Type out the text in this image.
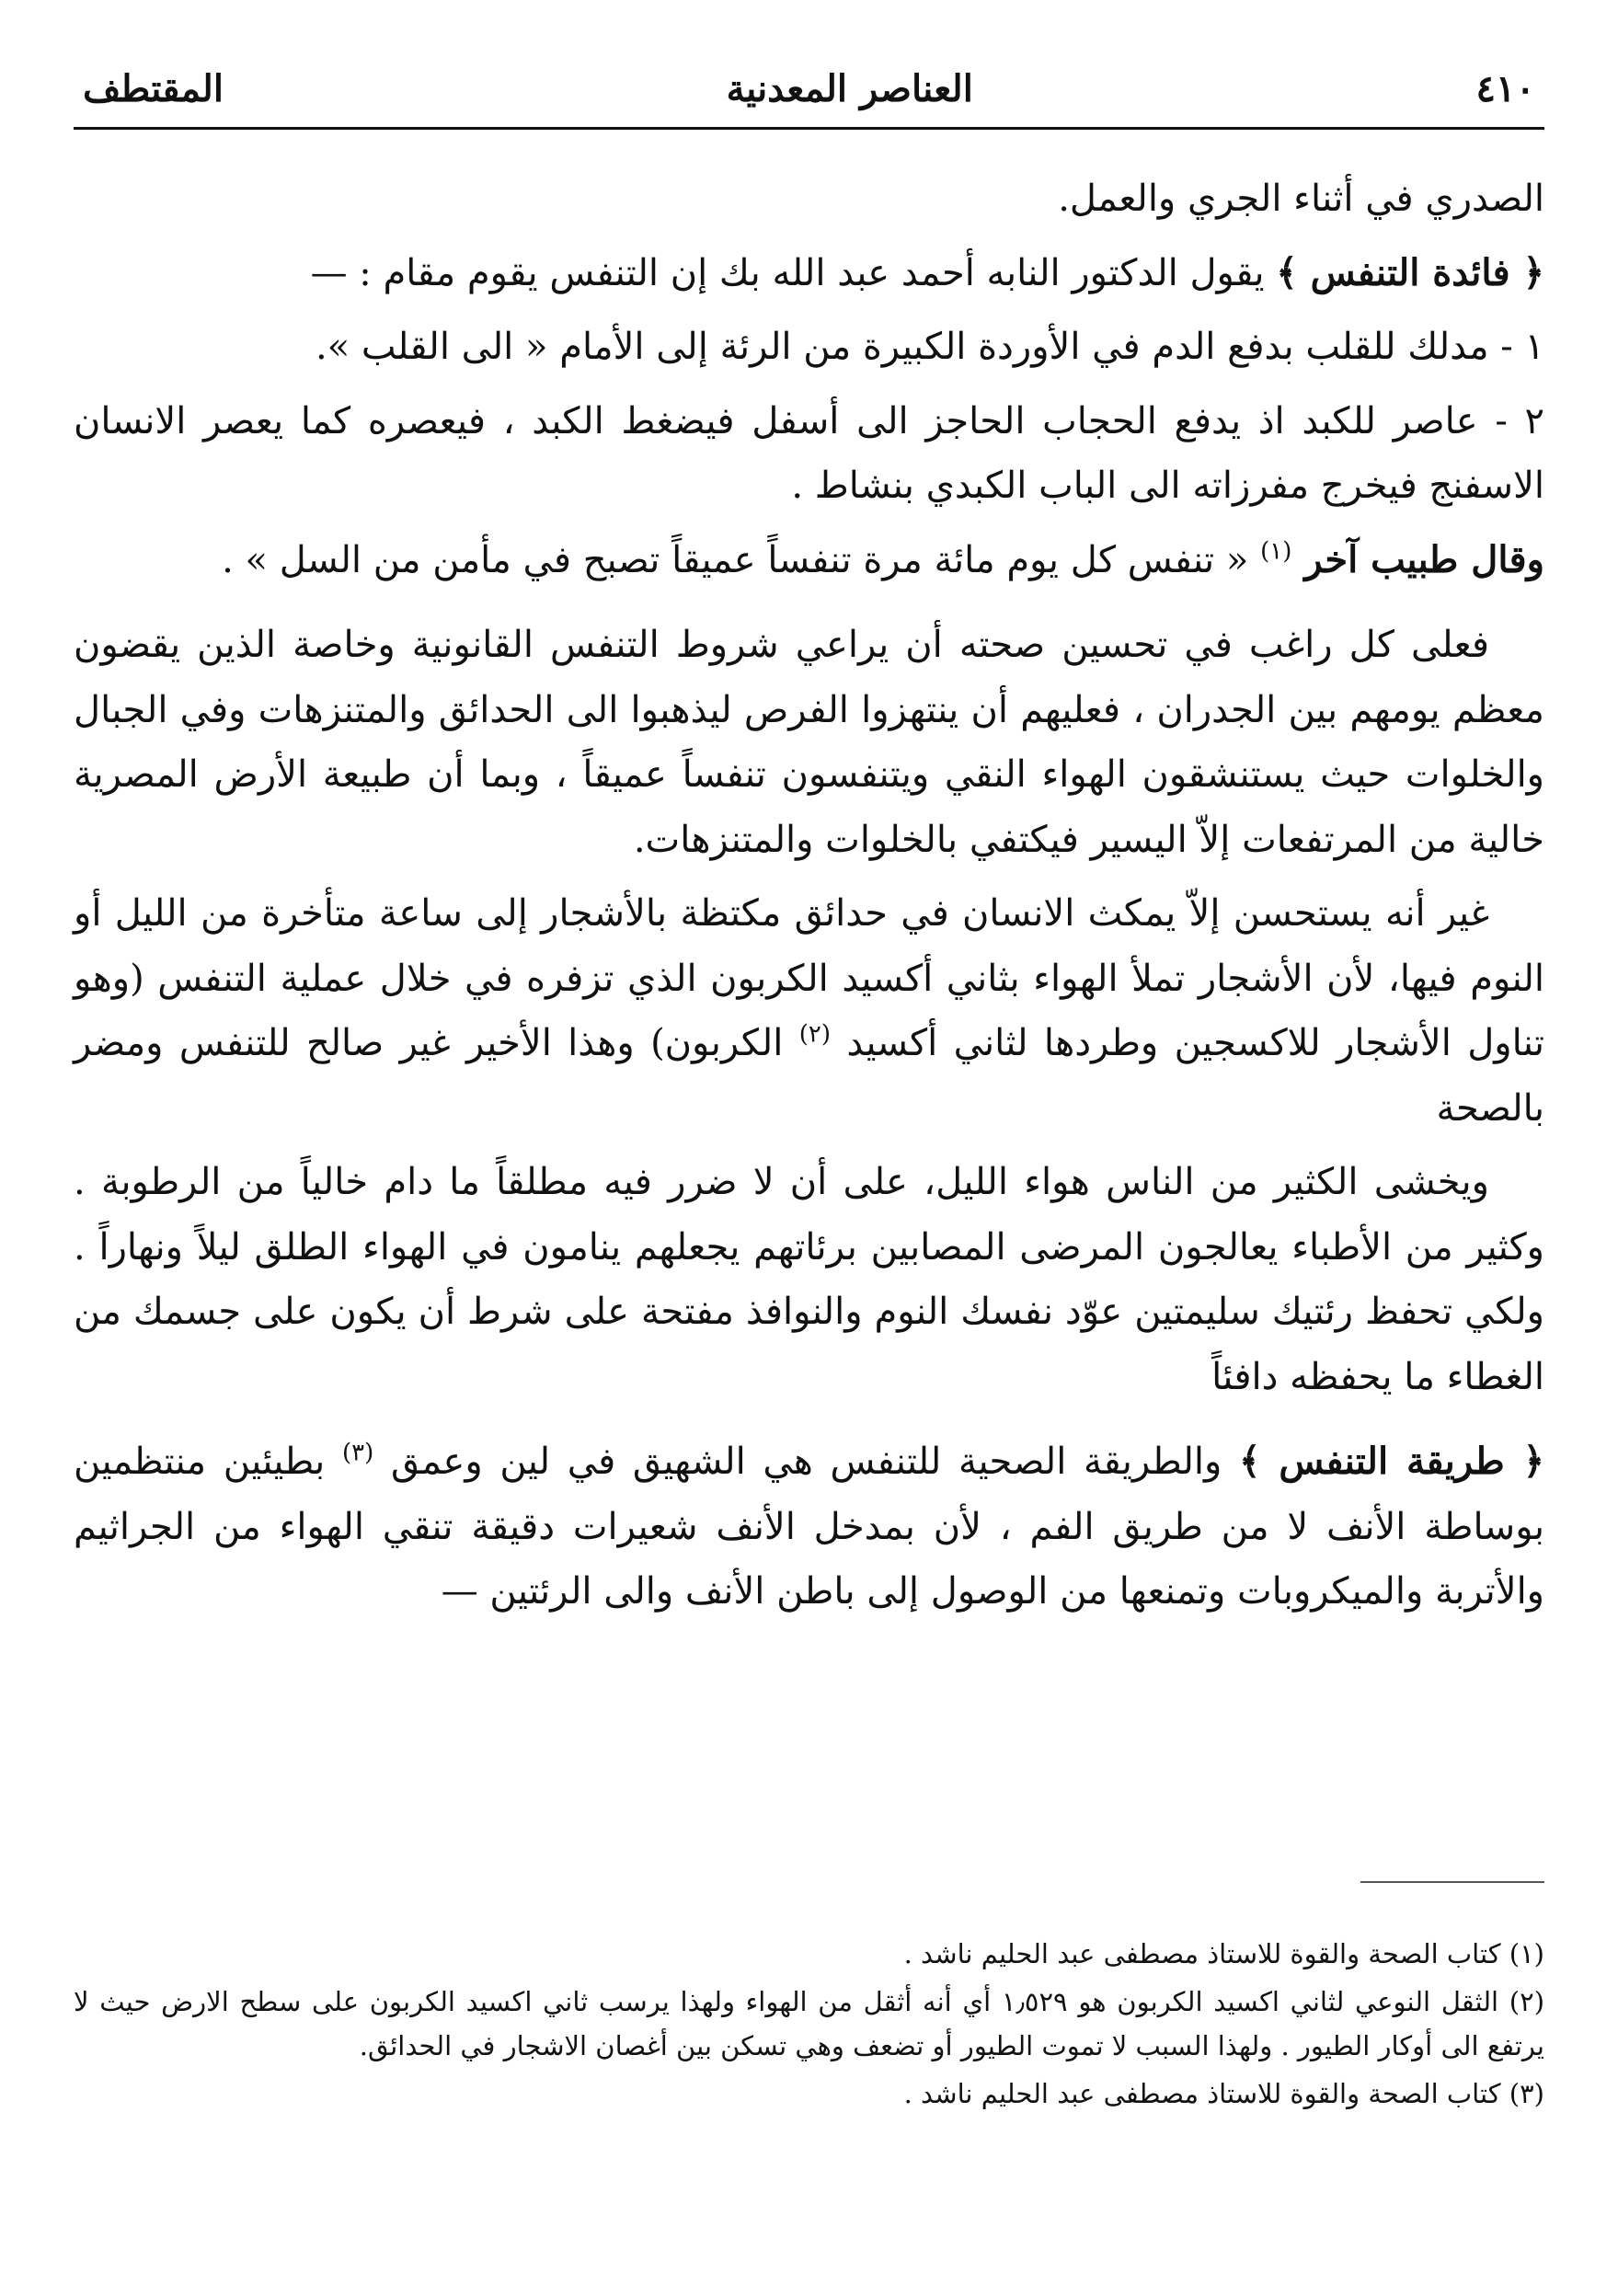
٤١٠
العناصر المعدنية
المقتطف

الصدري في أثناء الجري والعمل.

﴿ فائدة التنفس ﴾ يقول الدكتور النابه أحمد عبد الله بك إن التنفس يقوم مقام : —

١ - مدلك للقلب بدفع الدم في الأوردة الكبيرة من الرئة إلى الأمام « الى القلب ».

٢ - عاصر للكبد اذ يدفع الحجاب الحاجز الى أسفل فيضغط الكبد ، فيعصره كما يعصر الانسان الاسفنج فيخرج مفرزاته الى الباب الكبدي بنشاط .

وقال طبيب آخر $^{(١)}$ « تنفس كل يوم مائة مرة تنفساً عميقاً تصبح في مأمن من السل » .

فعلى كل راغب في تحسين صحته أن يراعي شروط التنفس القانونية وخاصة الذين يقضون معظم يومهم بين الجدران ، فعليهم أن ينتهزوا الفرص ليذهبوا الى الحدائق والمتنزهات وفي الجبال والخلوات حيث يستنشقون الهواء النقي ويتنفسون تنفساً عميقاً ، وبما أن طبيعة الأرض المصرية خالية من المرتفعات إلاّ اليسير فيكتفي بالخلوات والمتنزهات.

غير أنه يستحسن إلاّ يمكث الانسان في حدائق مكتظة بالأشجار إلى ساعة متأخرة من الليل أو النوم فيها، لأن الأشجار تملأ الهواء بثاني أكسيد الكربون الذي تزفره في خلال عملية التنفس (وهو تناول الأشجار للاكسجين وطردها لثاني أكسيد $^{(٢)}$ الكربون) وهذا الأخير غير صالح للتنفس ومضر بالصحة

ويخشى الكثير من الناس هواء الليل، على أن لا ضرر فيه مطلقاً ما دام خالياً من الرطوبة . وكثير من الأطباء يعالجون المرضى المصابين برئاتهم يجعلهم ينامون في الهواء الطلق ليلاً ونهاراً . ولكي تحفظ رئتيك سليمتين عوّد نفسك النوم والنوافذ مفتحة على شرط أن يكون على جسمك من الغطاء ما يحفظه دافئاً

﴿ طريقة التنفس ﴾ والطريقة الصحية للتنفس هي الشهيق في لين وعمق $^{(٣)}$ بطيئين منتظمين بوساطة الأنف لا من طريق الفم ، لأن بمدخل الأنف شعيرات دقيقة تنقي الهواء من الجراثيم والأتربة والميكروبات وتمنعها من الوصول إلى باطن الأنف والى الرئتين —

(١) كتاب الصحة والقوة للاستاذ مصطفى عبد الحليم ناشد .

(٢) الثقل النوعي لثاني اكسيد الكربون هو ١٫٥٢٩ أي أنه أثقل من الهواء ولهذا يرسب ثاني اكسيد الكربون على سطح الارض حيث لا يرتفع الى أوكار الطيور . ولهذا السبب لا تموت الطيور أو تضعف وهي تسكن بين أغصان الاشجار في الحدائق.

(٣) كتاب الصحة والقوة للاستاذ مصطفى عبد الحليم ناشد .
